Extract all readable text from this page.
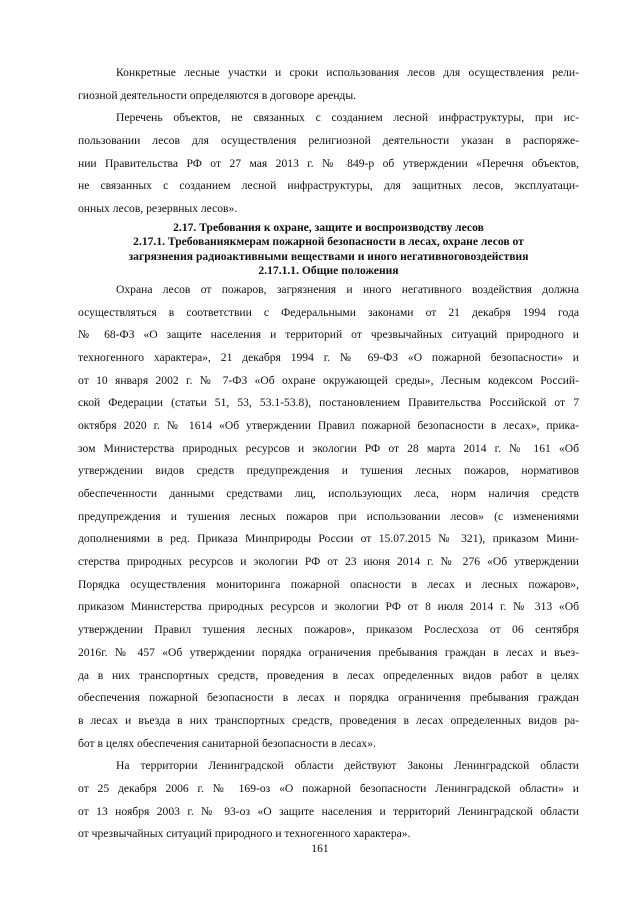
Конкретные лесные участки и сроки использования лесов для осуществления рели-
гиозной деятельности определяются в договоре аренды.
Перечень объектов, не связанных с созданием лесной инфраструктуры, при ис-
пользовании лесов для осуществления религиозной деятельности указан в распоряже-
нии Правительства РФ от 27 мая 2013 г. № 849-р об утверждении «Перечня объектов,
не связанных с созданием лесной инфраструктуры, для защитных лесов, эксплуатаци-
онных лесов, резервных лесов».
2.17. Требования к охране, защите и воспроизводству лесов
2.17.1. Требованиякмерам пожарной безопасности в лесах, охране лесов от
загрязнения радиоактивными веществами и иного негативноговоздействия
2.17.1.1. Общие положения
Охрана лесов от пожаров, загрязнения и иного негативного воздействия должна
осуществляться в соответствии с Федеральными законами от 21 декабря 1994 года
№ 68-ФЗ «О защите населения и территорий от чрезвычайных ситуаций природного и
техногенного характера», 21 декабря 1994 г. № 69-ФЗ «О пожарной безопасности» и
от 10 января 2002 г. № 7-ФЗ «Об охране окружающей среды», Лесным кодексом Россий-
ской Федерации (статьи 51, 53, 53.1-53.8), постановлением Правительства Российской от 7
октября 2020 г. № 1614 «Об утверждении Правил пожарной безопасности в лесах», прика-
зом Министерства природных ресурсов и экологии РФ от 28 марта 2014 г. № 161 «Об
утверждении видов средств предупреждения и тушения лесных пожаров, нормативов
обеспеченности данными средствами лиц, использующих леса, норм наличия средств
предупреждения и тушения лесных пожаров при использовании лесов» (с изменениями
дополнениями в ред. Приказа Минприроды России от 15.07.2015 № 321), приказом Мини-
стерства природных ресурсов и экологии РФ от 23 июня 2014 г. № 276 «Об утверждении
Порядка осуществления мониторинга пожарной опасности в лесах и лесных пожаров»,
приказом Министерства природных ресурсов и экологии РФ от 8 июля 2014 г. № 313 «Об
утверждении Правил тушения лесных пожаров», приказом Рослесхоза от 06 сентября
2016г. № 457 «Об утверждении порядка ограничения пребывания граждан в лесах и въез-
да в них транспортных средств, проведения в лесах определенных видов работ в целях
обеспечения пожарной безопасности в лесах и порядка ограничения пребывания граждан
в лесах и въезда в них транспортных средств, проведения в лесах определенных видов ра-
бот в целях обеспечения санитарной безопасности в лесах».
На территории Ленинградской области действуют Законы Ленинградской области
от 25 декабря 2006 г. № 169-оз «О пожарной безопасности Ленинградской области» и
от 13 ноября 2003 г. № 93-оз «О защите населения и территорий Ленинградской области
от чрезвычайных ситуаций природного и техногенного характера».
161
